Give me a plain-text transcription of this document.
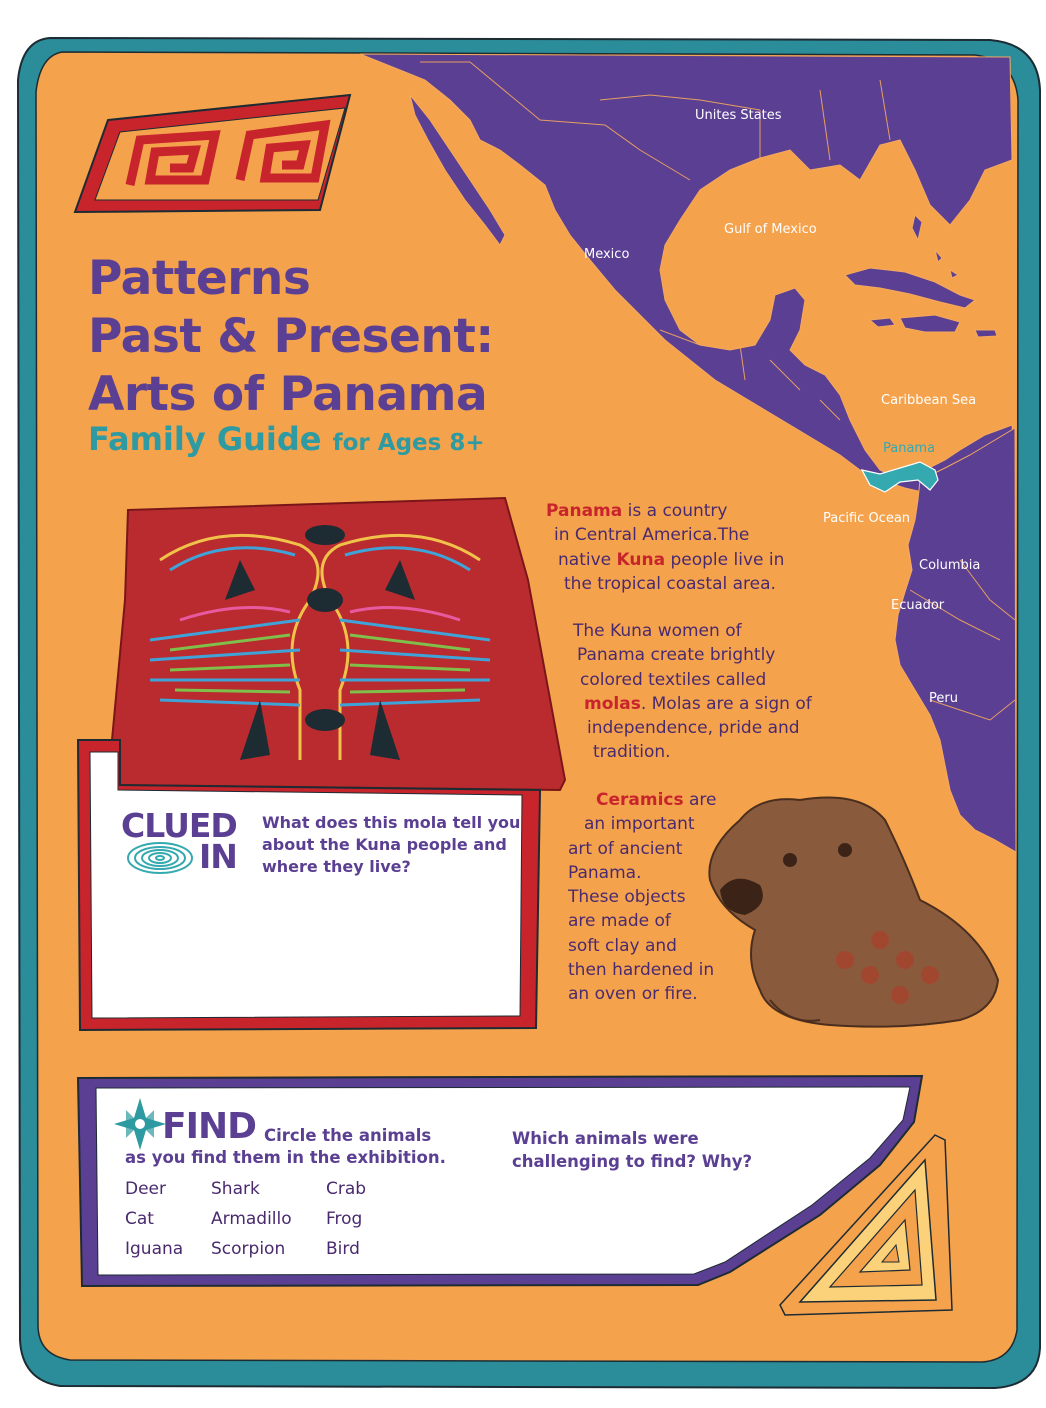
Patterns
Past & Present:
Arts of Panama
Family Guide for Ages 8+
Unites States
Gulf of Mexico
Mexico
Caribbean Sea
Panama
Pacific Ocean
Columbia
Ecuador
Peru
Panama is a country
in Central America.The
native Kuna people live in
the tropical coastal area.
The Kuna women of
Panama create brightly
colored textiles called
molas. Molas are a sign of
independence, pride and
tradition.
Ceramics are
an important
art of ancient
Panama.
These objects
are made of
soft clay and
then hardened in
an oven or fire.
CLUED
IN
What does this mola tell you about the Kuna people and where they live?
FIND Circle the animals
as you find them in the exhibition.
Deer	Shark	Crab
Cat	Armadillo Frog
Iguana Scorpion Bird
Which animals were
challenging to find? Why?
